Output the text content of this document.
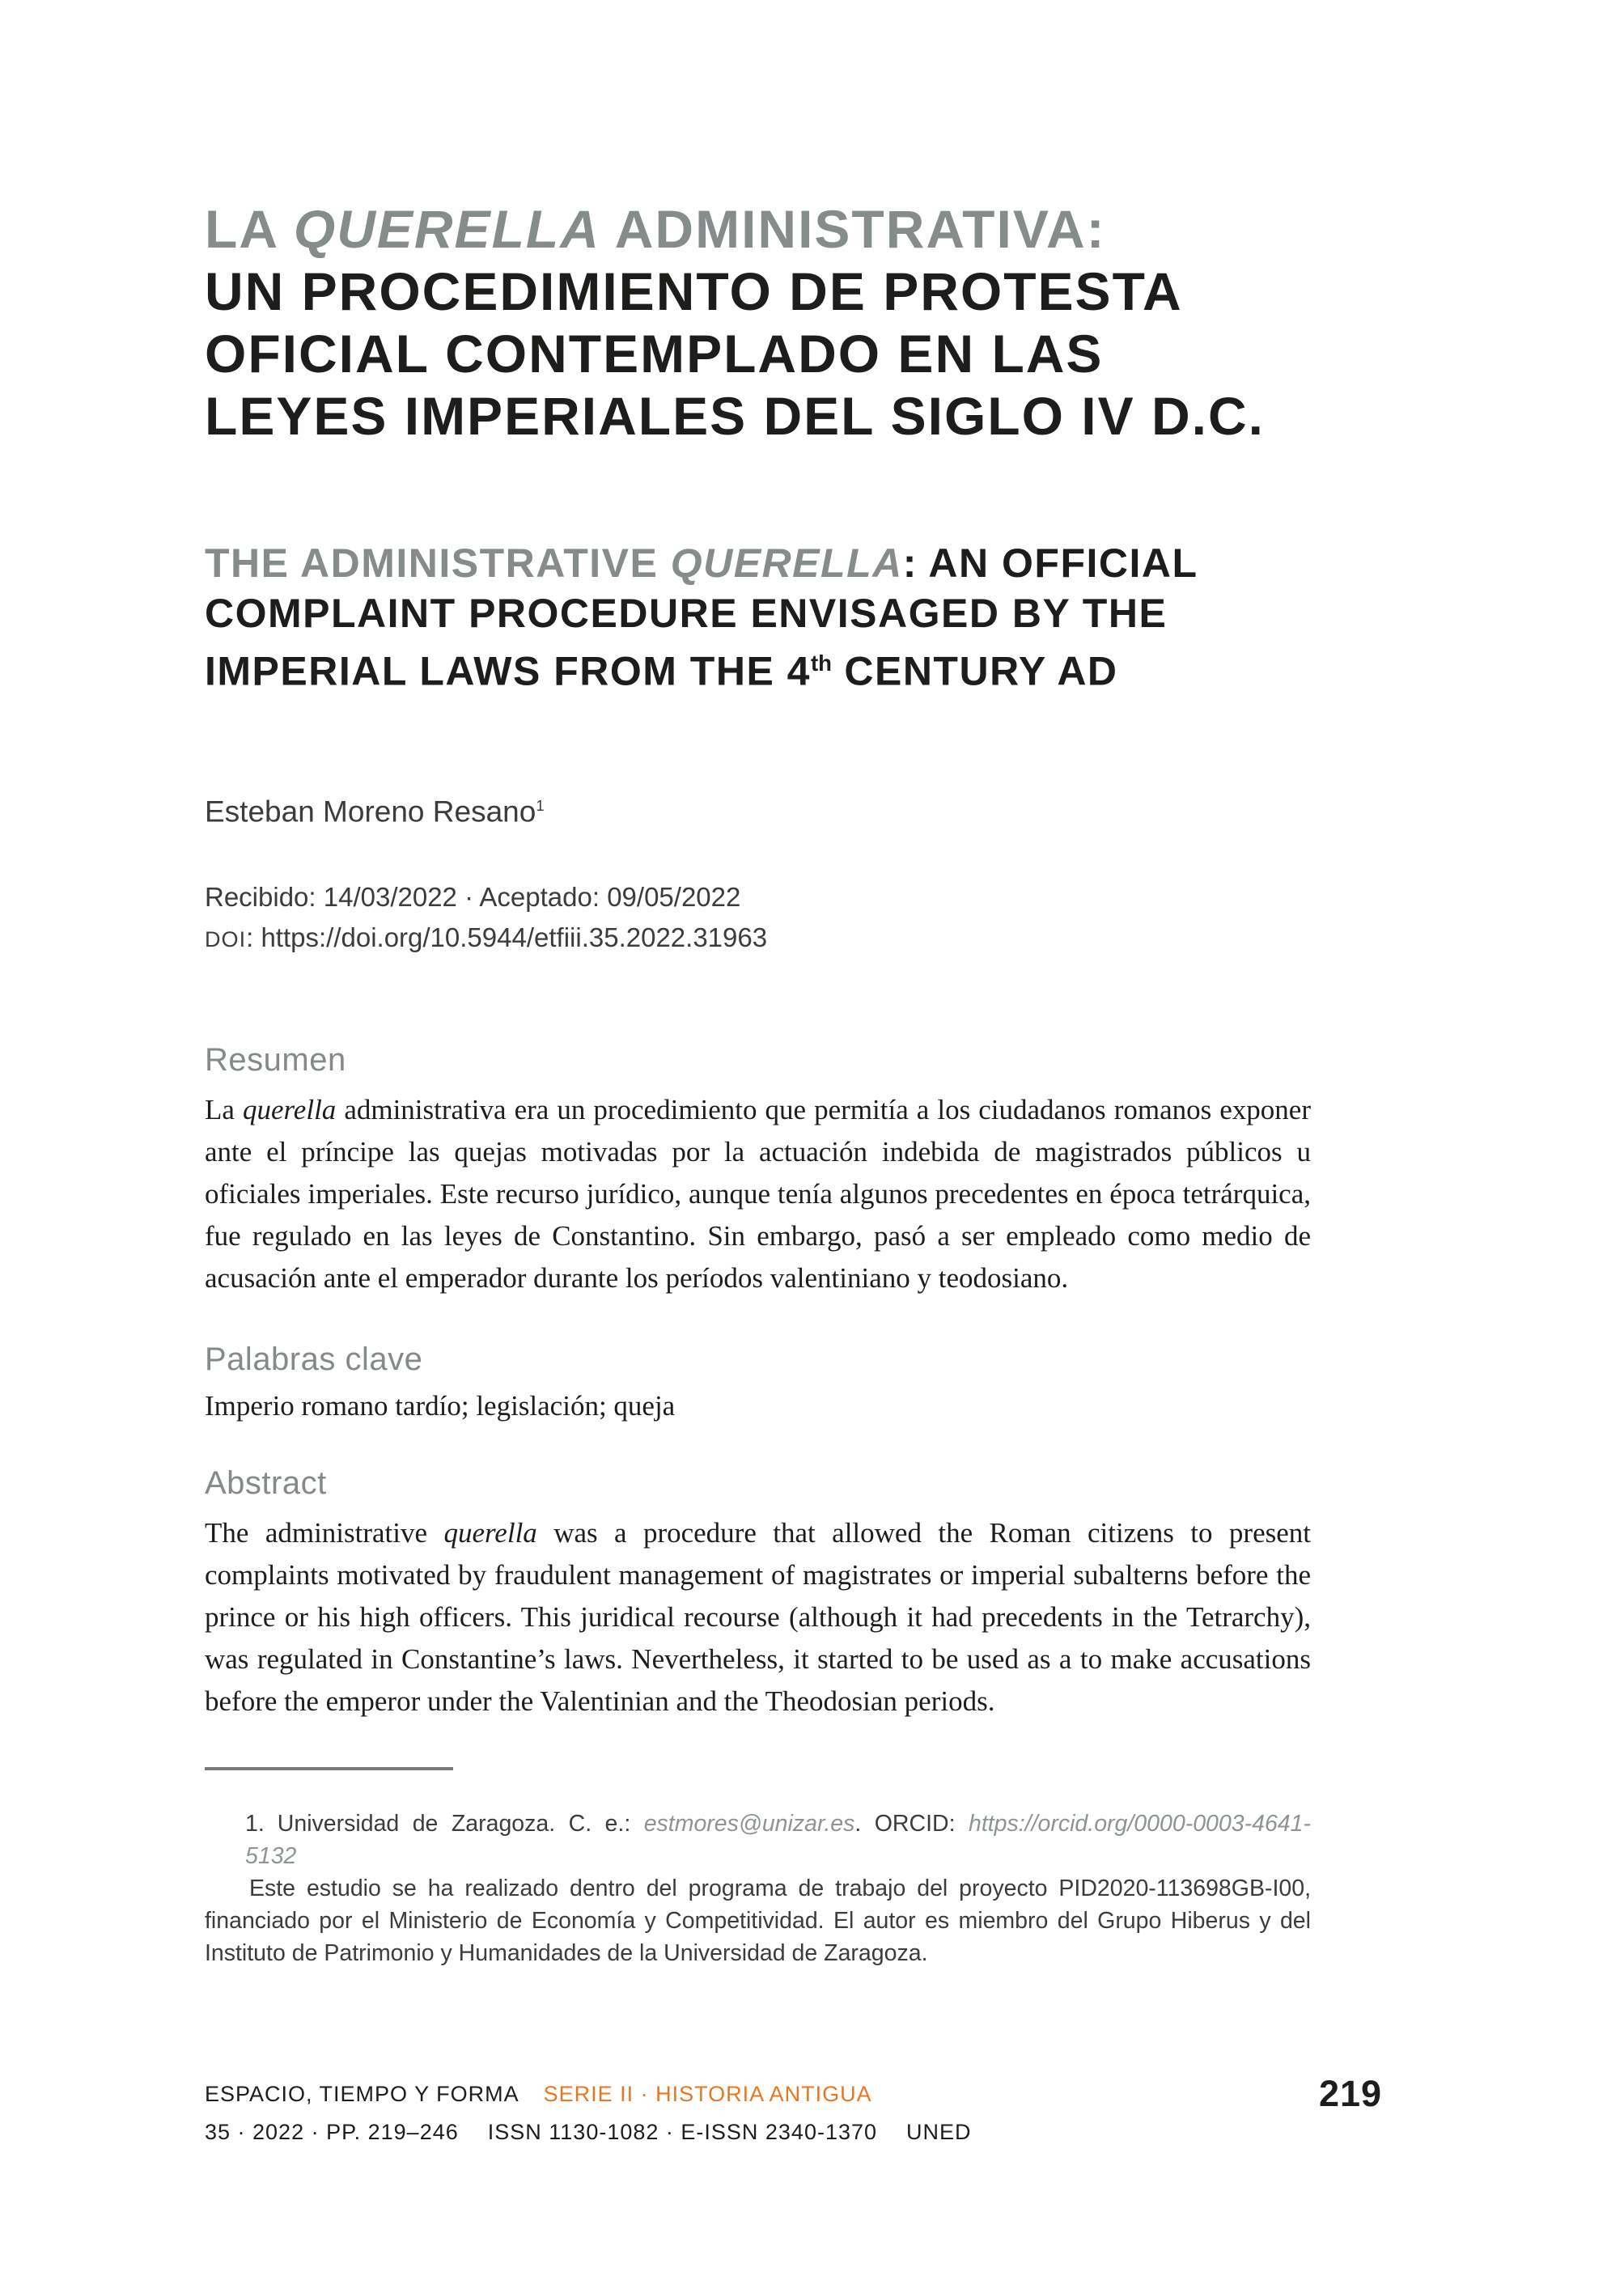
LA QUERELLA ADMINISTRATIVA:
UN PROCEDIMIENTO DE PROTESTA
OFICIAL CONTEMPLADO EN LAS
LEYES IMPERIALES DEL SIGLO IV D.C.
THE ADMINISTRATIVE QUERELLA: AN OFFICIAL
COMPLAINT PROCEDURE ENVISAGED BY THE
IMPERIAL LAWS FROM THE 4th CENTURY AD

Esteban Moreno Resano$^1$

Recibido: 14/03/2022 · Aceptado: 09/05/2022
DOI: https://doi.org/10.5944/etfiii.35.2022.31963
Resumen

La querella administrativa era un procedimiento que permitía a los ciudadanos romanos exponer ante el príncipe las quejas motivadas por la actuación indebida de magistrados públicos u oficiales imperiales. Este recurso jurídico, aunque tenía algunos precedentes en época tetrárquica, fue regulado en las leyes de Constantino. Sin embargo, pasó a ser empleado como medio de acusación ante el emperador durante los períodos valentiniano y teodosiano.

Palabras clave

Imperio romano tardío; legislación; queja

Abstract

The administrative querella was a procedure that allowed the Roman citizens to present complaints motivated by fraudulent management of magistrates or imperial subalterns before the prince or his high officers. This juridical recourse (although it had precedents in the Tetrarchy), was regulated in Constantine’s laws. Nevertheless, it started to be used as a to make accusations before the emperor under the Valentinian and the Theodosian periods.

1. Universidad de Zaragoza. C. e.: estmores@unizar.es. ORCID: https://orcid.org/0000-0003-4641-5132

Este estudio se ha realizado dentro del programa de trabajo del proyecto PID2020-113698GB-I00, financiado por el Ministerio de Economía y Competitividad. El autor es miembro del Grupo Hiberus y del Instituto de Patrimonio y Humanidades de la Universidad de Zaragoza.

ESPACIO, TIEMPO Y FORMA SERIE II · HISTORIA ANTIGUA
35 · 2022 · PP. 219–246 ISSN 1130-1082 · E-ISSN 2340-1370 UNED
219
